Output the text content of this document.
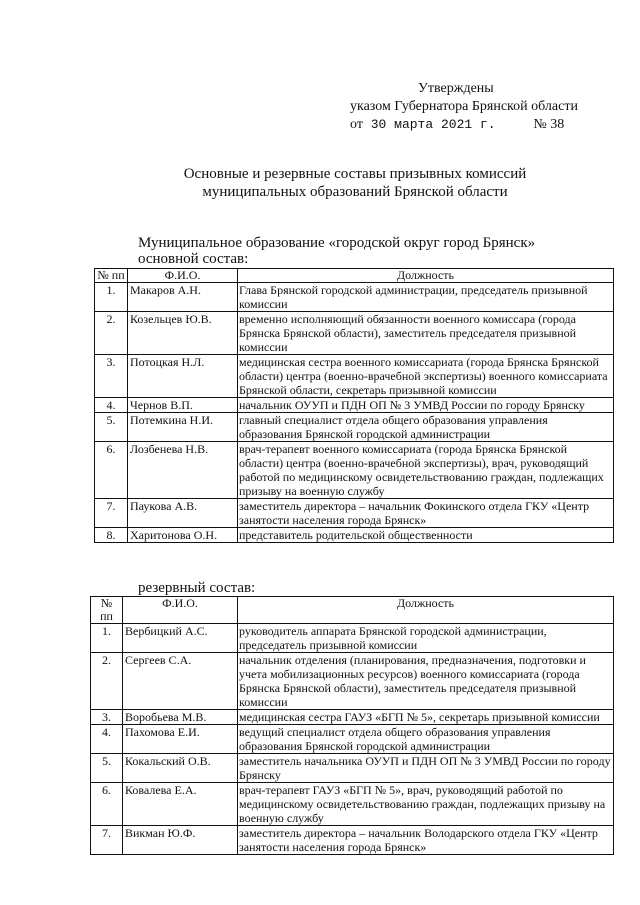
Утверждены
указом Губернатора Брянской области
от 30 марта 2021 г.	№ 38
Основные и резервные составы призывных комиссий
муниципальных образований Брянской области
Муниципальное образование «городской округ город Брянск»
основной состав:
№ пп	Ф.И.О.	Должность
1.	Макаров А.Н.	Глава Брянской городской администрации, председатель призывной комиссии
2.	Козельцев Ю.В.	временно исполняющий обязанности военного комиссара (города Брянска Брянской области), заместитель председателя призывной комиссии
3.	Потоцкая Н.Л.	медицинская сестра военного комиссариата (города Брянска Брянской области) центра (военно-врачебной экспертизы) военного комиссариата Брянской области, секретарь призывной комиссии
4.	Чернов В.П.	начальник ОУУП и ПДН ОП № 3 УМВД России по городу Брянску
5.	Потемкина Н.И.	главный специалист отдела общего образования управления образования Брянской городской администрации
6.	Лозбенева Н.В.	врач-терапевт военного комиссариата (города Брянска Брянской области) центра (военно-врачебной экспертизы), врач, руководящий работой по медицинскому освидетельствованию граждан, подлежащих призыву на военную службу
7.	Паукова А.В.	заместитель директора – начальник Фокинского отдела ГКУ «Центр занятости населения города Брянск»
8.	Харитонова О.Н.	представитель родительской общественности
резервный состав:
№ пп	Ф.И.О.	Должность
1.	Вербицкий А.С.	руководитель аппарата Брянской городской администрации, председатель призывной комиссии
2.	Сергеев С.А.	начальник отделения (планирования, предназначения, подготовки и учета мобилизационных ресурсов) военного комиссариата (города Брянска Брянской области), заместитель председателя призывной комиссии
3.	Воробьева М.В.	медицинская сестра ГАУЗ «БГП № 5», секретарь призывной комиссии
4.	Пахомова Е.И.	ведущий специалист отдела общего образования управления образования Брянской городской администрации
5.	Кокальский О.В.	заместитель начальника ОУУП и ПДН ОП № 3 УМВД России по городу Брянску
6.	Ковалева Е.А.	врач-терапевт ГАУЗ «БГП № 5», врач, руководящий работой по медицинскому освидетельствованию граждан, подлежащих призыву на военную службу
7.	Викман Ю.Ф.	заместитель директора – начальник Володарского отдела ГКУ «Центр занятости населения города Брянск»
